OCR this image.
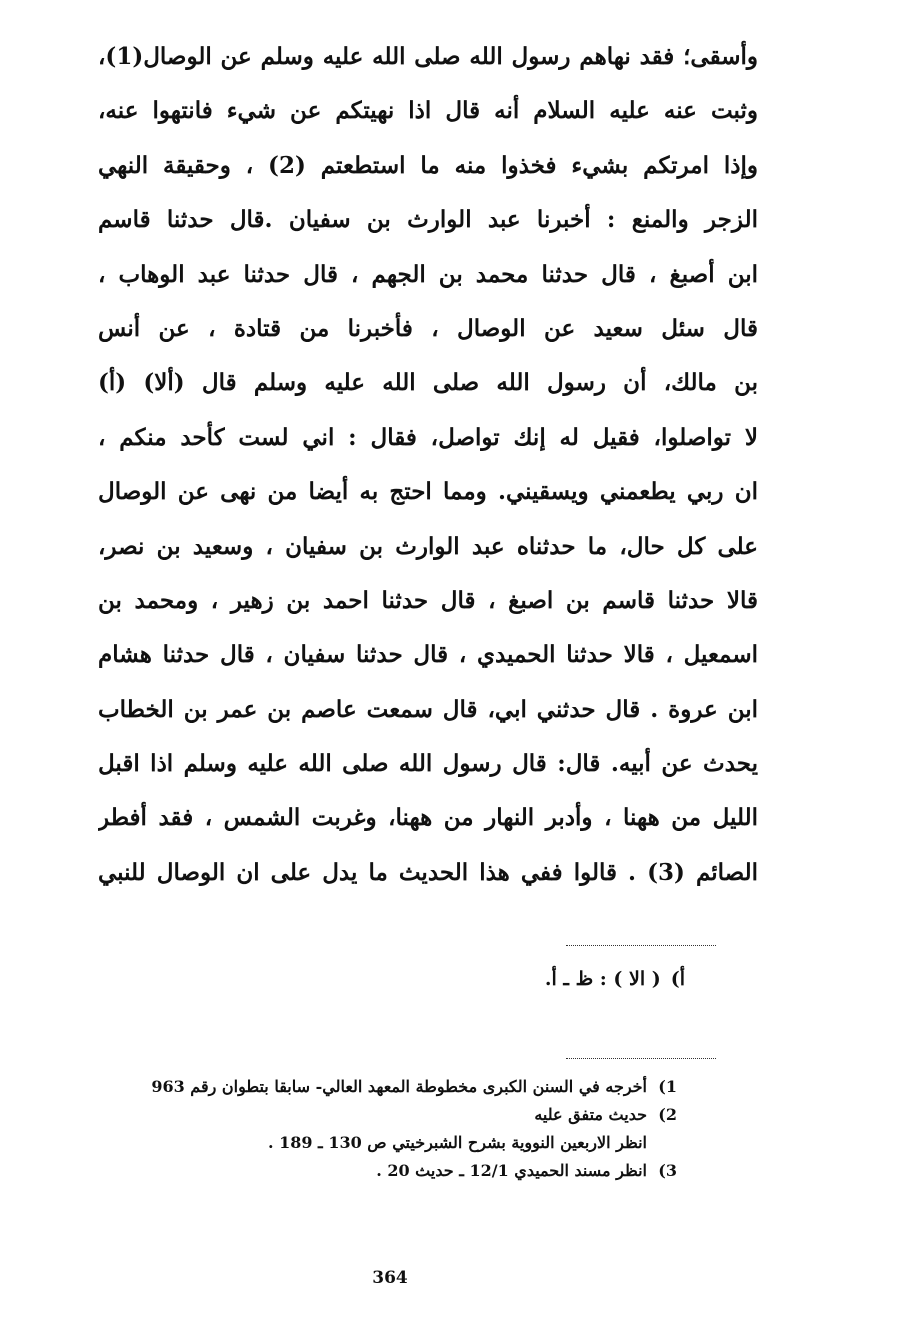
وأسقى؛ فقد نهاهم رسول الله صلى الله عليه وسلم عن الوصال(1)،
وثبت عنه عليه السلام أنه قال اذا نهيتكم عن شيء فانتهوا عنه،
وإذا امرتكم بشيء فخذوا منه ما استطعتم (2) ، وحقيقة النهي
الزجر والمنع : أخبرنا عبد الوارث بن سفيان .قال حدثنا قاسم
ابن أصبغ ، قال حدثنا محمد بن الجهم ، قال حدثنا عبد الوهاب ،
قال سئل سعيد عن الوصال ، فأخبرنا من قتادة ، عن أنس
بن مالك، أن رسول الله صلى الله عليه وسلم قال (ألا) (أ)
لا تواصلوا، فقيل له إنك تواصل، فقال : اني لست كأحد منكم ،
ان ربي يطعمني ويسقيني. ومما احتج به أيضا من نهى عن الوصال
على كل حال، ما حدثناه عبد الوارث بن سفيان ، وسعيد بن نصر،
قالا حدثنا قاسم بن اصبغ ، قال حدثنا احمد بن زهير ، ومحمد بن
اسمعيل ، قالا حدثنا الحميدي ، قال حدثنا سفيان ، قال حدثنا هشام
ابن عروة . قال حدثني ابي، قال سمعت عاصم بن عمر بن الخطاب
يحدث عن أبيه. قال: قال رسول الله صلى الله عليه وسلم اذا اقبل
الليل من ههنا ، وأدبر النهار من ههنا، وغربت الشمس ، فقد أفطر
الصائم (3) . قالوا ففي هذا الحديث ما يدل على ان الوصال للنبي
أ)( الا ) : ظ ـ أ.
1)أخرجه في السنن الكبرى مخطوطة المعهد العالي- سابقا بتطوان رقم 963
2)حديث متفق عليه
انظر الاربعين النووية بشرح الشبرخيتي ص 130 ـ 189 .
3)انظر مسند الحميدي 12/1 ـ حديث 20 .
364
